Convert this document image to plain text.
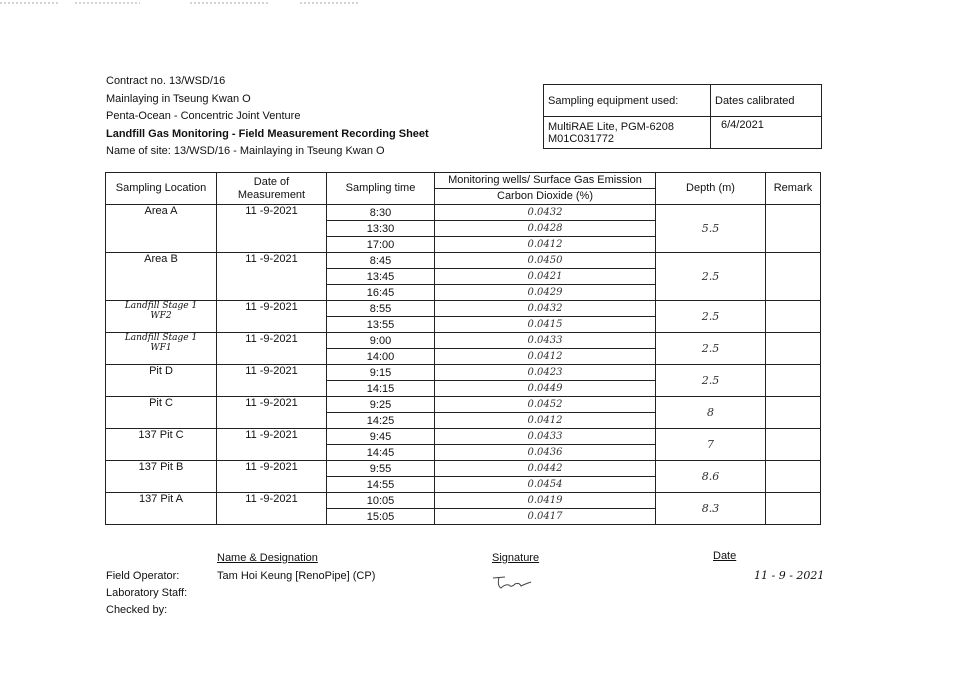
Contract no. 13/WSD/16
Mainlaying in Tseung Kwan O
Penta-Ocean - Concentric Joint Venture
Landfill Gas Monitoring - Field Measurement Recording Sheet
Name of site: 13/WSD/16 - Mainlaying in Tseung Kwan O
Sampling equipment used:	Dates calibrated

MultiRAE Lite, PGM-6208
M01C031772	6/4/2021
Sampling Location	Date of Measurement	Sampling time	Monitoring wells/ Surface Gas Emission	Depth (m)	Remark
			Carbon Dioxide (%)		
Area A	11 -9-2021	8:30	0.0432	5.5	
		13:30	0.0428		
		17:00	0.0412		
Area B	11 -9-2021	8:45	0.0450	2.5	
		13:45	0.0421		
		16:45	0.0429		

Landfill Stage 1
WF2	11 -9-2021	8:55	0.0432	2.5	
		13:55	0.0415		

Landfill Stage 1
WF1	11 -9-2021	9:00	0.0433	2.5	
		14:00	0.0412		
Pit D	11 -9-2021	9:15	0.0423	2.5	
		14:15	0.0449		
Pit C	11 -9-2021	9:25	0.0452	8	
		14:25	0.0412		
137 Pit C	11 -9-2021	9:45	0.0433	7	
		14:45	0.0436		
137 Pit B	11 -9-2021	9:55	0.0442	8.6	
		14:55	0.0454		
137 Pit A	11 -9-2021	10:05	0.0419	8.3	
		15:05	0.0417		
Name & Designation	Signature	Date
Field Operator:	Tam Hoi Keung [RenoPipe] (CP)	11 - 9 - 2021
Laboratory Staff:
Checked by:
